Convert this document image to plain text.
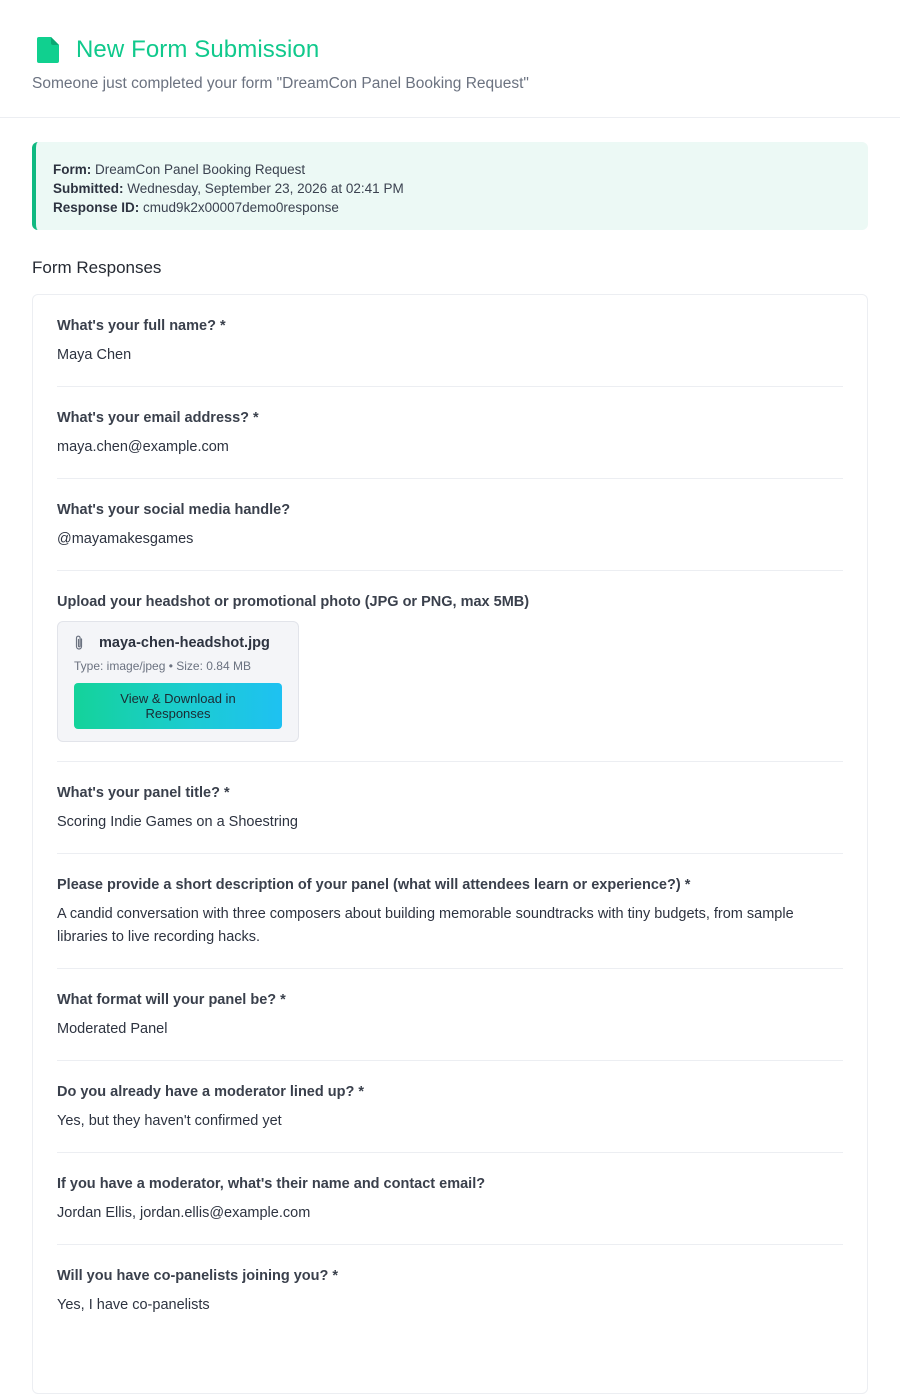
New Form Submission

Someone just completed your form "DreamCon Panel Booking Request"

Form: DreamCon Panel Booking Request
Submitted: Wednesday, September 23, 2026 at 02:41 PM
Response ID: cmud9k2x00007demo0response
Form Responses
What's your full name? *
Maya Chen
What's your email address? *
maya.chen@example.com
What's your social media handle?
@mayamakesgames
Upload your headshot or promotional photo (JPG or PNG, max 5MB)
maya-chen-headshot.jpg
Type: image/jpeg • Size: 0.84 MB
View & Download in Responses
What's your panel title? *
Scoring Indie Games on a Shoestring
Please provide a short description of your panel (what will attendees learn or experience?) *
A candid conversation with three composers about building memorable soundtracks with tiny budgets, from sample libraries to live recording hacks.
What format will your panel be? *
Moderated Panel
Do you already have a moderator lined up? *
Yes, but they haven't confirmed yet
If you have a moderator, what's their name and contact email?
Jordan Ellis, jordan.ellis@example.com
Will you have co-panelists joining you? *
Yes, I have co-panelists
